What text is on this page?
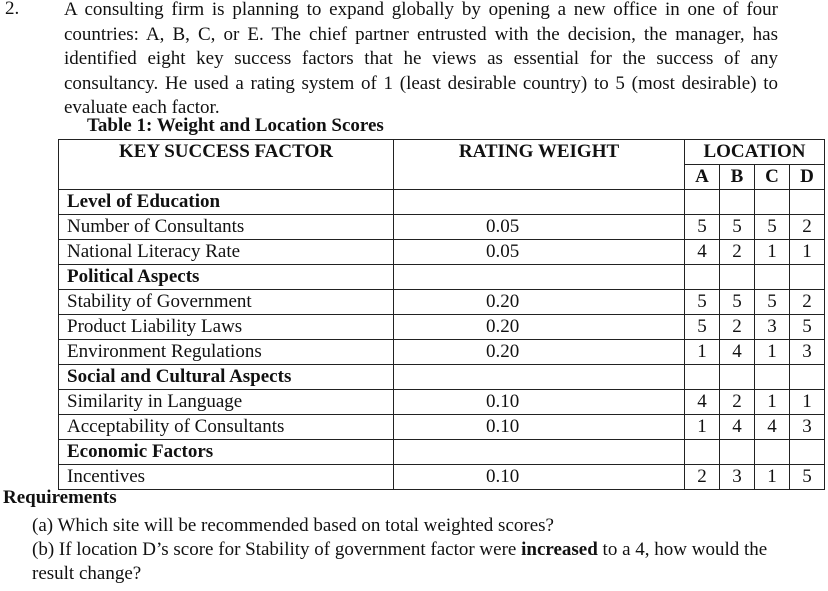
2. A consulting firm is planning to expand globally by opening a new office in one of four countries: A, B, C, or E. The chief partner entrusted with the decision, the manager, has identified eight key success factors that he views as essential for the success of any consultancy. He used a rating system of 1 (least desirable country) to 5 (most desirable) to evaluate each factor.
Table 1: Weight and Location Scores
KEY SUCCESS FACTOR	RATING WEIGHT	LOCATION			
		A	B	C	D
Level of Education					
Number of Consultants	0.05	5	5	5	2
National Literacy Rate	0.05	4	2	1	1
Political Aspects					
Stability of Government	0.20	5	5	5	2
Product Liability Laws	0.20	5	2	3	5
Environment Regulations	0.20	1	4	1	3
Social and Cultural Aspects					
Similarity in Language	0.10	4	2	1	1
Acceptability of Consultants	0.10	1	4	4	3
Economic Factors					
Incentives	0.10	2	3	1	5
Requirements
(a) Which site will be recommended based on total weighted scores?
(b) If location D’s score for Stability of government factor were increased to a 4, how would the result change?
